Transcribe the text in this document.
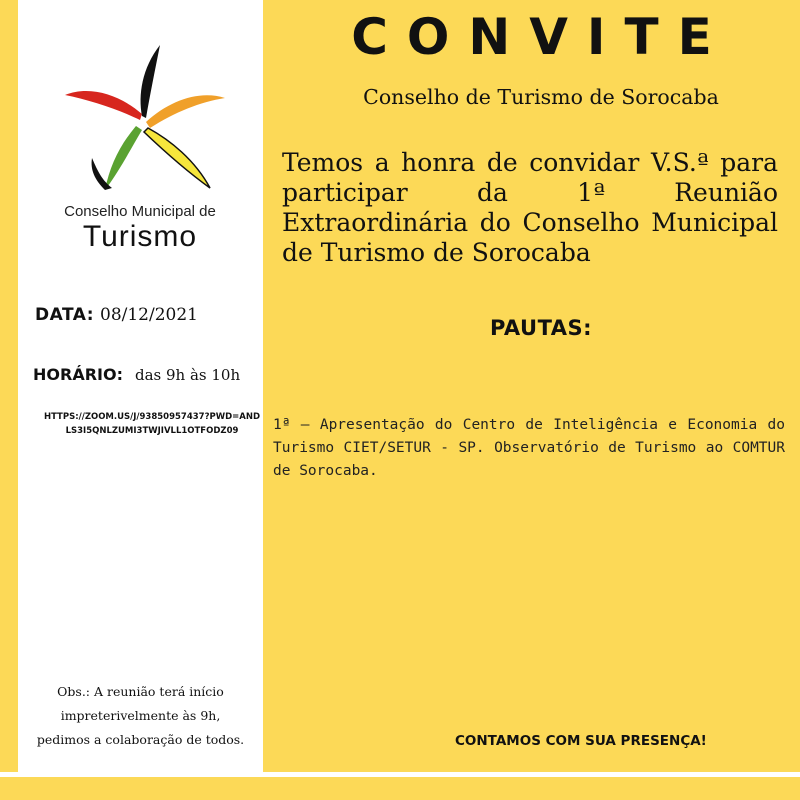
Conselho Municipal de
Turismo
DATA: 08/12/2021
HORÁRIO: das 9h às 10h
HTTPS://ZOOM.US/J/93850957437?PWD=ANDLS3I5QNLZUMI3TWJIVLL1OTFODZ09
Obs.: A reunião terá início
impreterivelmente às 9h,
pedimos a colaboração de todos.
CONVITE
Conselho de Turismo de Sorocaba
Temos a honra de convidar V.S.ª para participar da 1ª Reunião Extraordinária do Conselho Municipal de Turismo de Sorocaba
PAUTAS:
1ª – Apresentação do Centro de Inteligência e Economia do Turismo CIET/SETUR - SP. Observatório de Turismo ao COMTUR de Sorocaba.
CONTAMOS COM SUA PRESENÇA!
